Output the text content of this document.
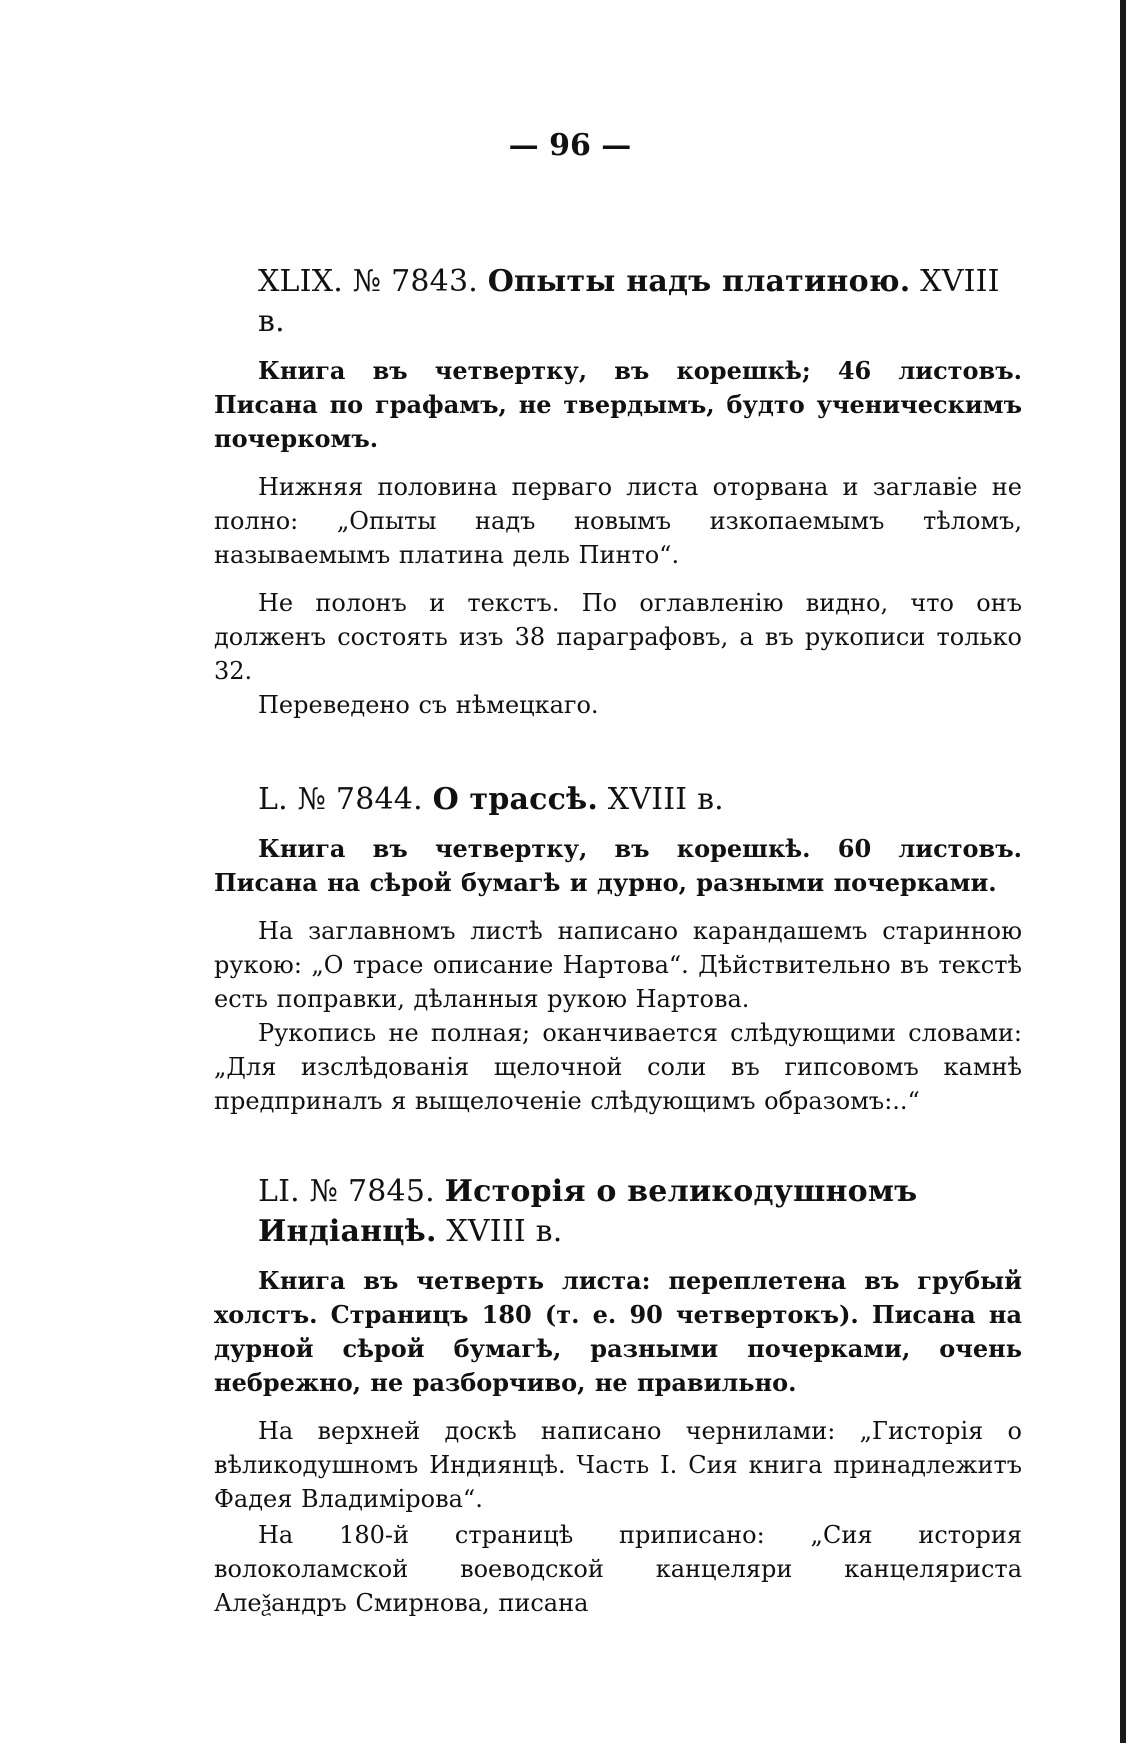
— 96 —
XLIX. № 7843. Опыты надъ платиною. XVIII в.

Книга въ четвертку, въ корешкѣ; 46 листовъ. Писана по графамъ, не твердымъ, будто ученическимъ почеркомъ.

Нижняя половина перваго листа оторвана и заглавіе не полно: „Опыты надъ новымъ изкопаемымъ тѣломъ, называемымъ платина дель Пинто“.

Не полонъ и текстъ. По оглавленію видно, что онъ долженъ состоять изъ 38 параграфовъ, а въ рукописи только 32.

Переведено съ нѣмецкаго.

L. № 7844. О трассѣ. XVIII в.

Книга въ четвертку, въ корешкѣ. 60 листовъ. Писана на сѣрой бумагѣ и дурно, разными почерками.

На заглавномъ листѣ написано карандашемъ старинною рукою: „О трасе описание Нартова“. Дѣйствительно въ текстѣ есть поправки, дѣланныя рукою Нартова.

Рукопись не полная; оканчивается слѣдующими словами: „Для изслѣдованія щелочной соли въ гипсовомъ камнѣ предприналъ я выщелоченіе слѣдующимъ образомъ:..“

LI. № 7845. Исторія о великодушномъ Индіанцѣ. XVIII в.

Книга въ четверть листа: переплетена въ грубый холстъ. Страницъ 180 (т. е. 90 четвертокъ). Писана на дурной сѣрой бумагѣ, разными почерками, очень небрежно, не разборчиво, не правильно.

На верхней доскѣ написано чернилами: „Гисторія о вѣликодушномъ Индиянцѣ. Часть I. Сия книга принадлежитъ Фадея Владимірова“.

На 180-й страницѣ приписано: „Сия история волоколамской воеводской канцеляри канцеляриста Алеѯандръ Смирнова, писана
